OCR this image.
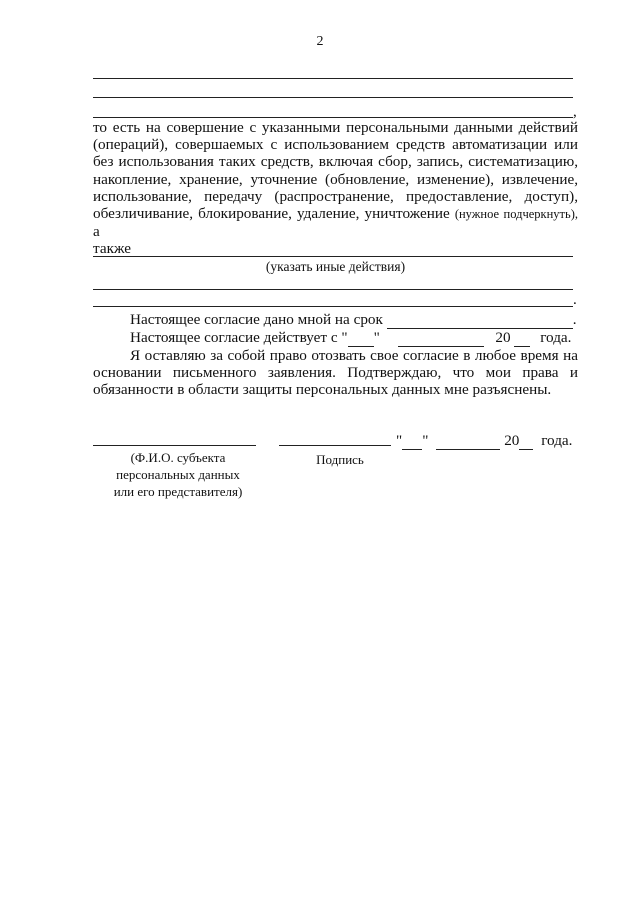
2
,
то есть на совершение с указанными персональными данными действий (операций), совершаемых с использованием средств автоматизации или без использования таких средств, включая сбор, запись, систематизацию, накопление, хранение, уточнение (обновление, изменение), извлечение, использование, передачу (распространение, предоставление, доступ), обезличивание, блокирование, удаление, уничтожение (нужное подчеркнуть), а
также
(указать иные действия)
.
Настоящее согласие дано мной на срок	.
Настоящее согласие действует с " "	20 года.
Я оставляю за собой право отозвать свое согласие в любое время на основании письменного заявления. Подтверждаю, что мои права и обязанности в области защиты персональных данных мне разъяснены.
(Ф.И.О. субъекта
персональных данных
или его представителя)
Подпись
" "	20 года.
